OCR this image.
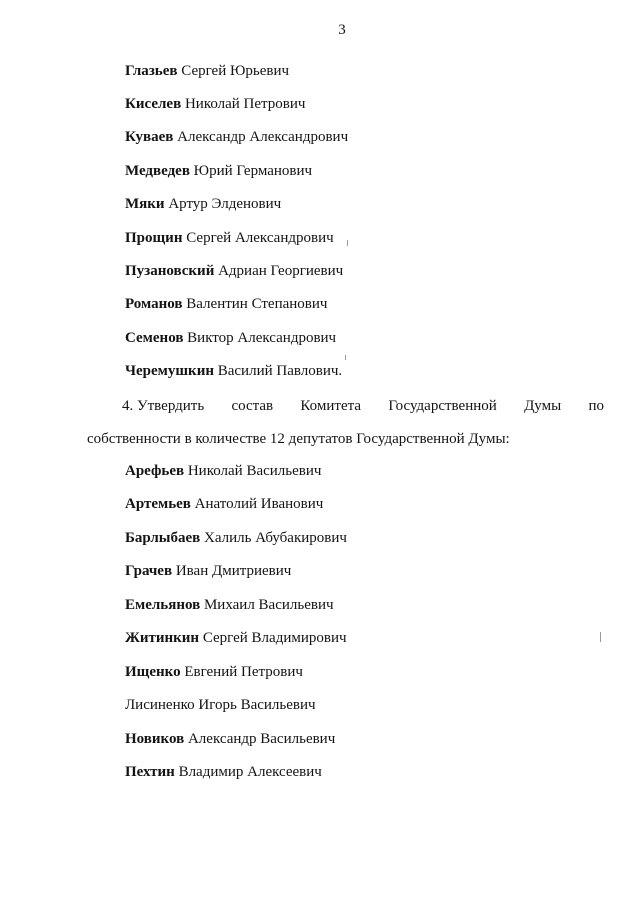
3
Глазьев Сергей Юрьевич
Киселев Николай Петрович
Куваев Александр Александрович
Медведев Юрий Германович
Мяки Артур Элденович
Прощин Сергей Александрович
Пузановский Адриан Георгиевич
Романов Валентин Степанович
Семенов Виктор Александрович
Черемушкин Василий Павлович.
4. Утвердить состав Комитета Государственной Думы по
собственности в количестве 12 депутатов Государственной Думы:
Арефьев Николай Васильевич
Артемьев Анатолий Иванович
Барлыбаев Халиль Абубакирович
Грачев Иван Дмитриевич
Емельянов Михаил Васильевич
Житинкин Сергей Владимирович
Ищенко Евгений Петрович
Лисиненко Игорь Васильевич
Новиков Александр Васильевич
Пехтин Владимир Алексеевич
